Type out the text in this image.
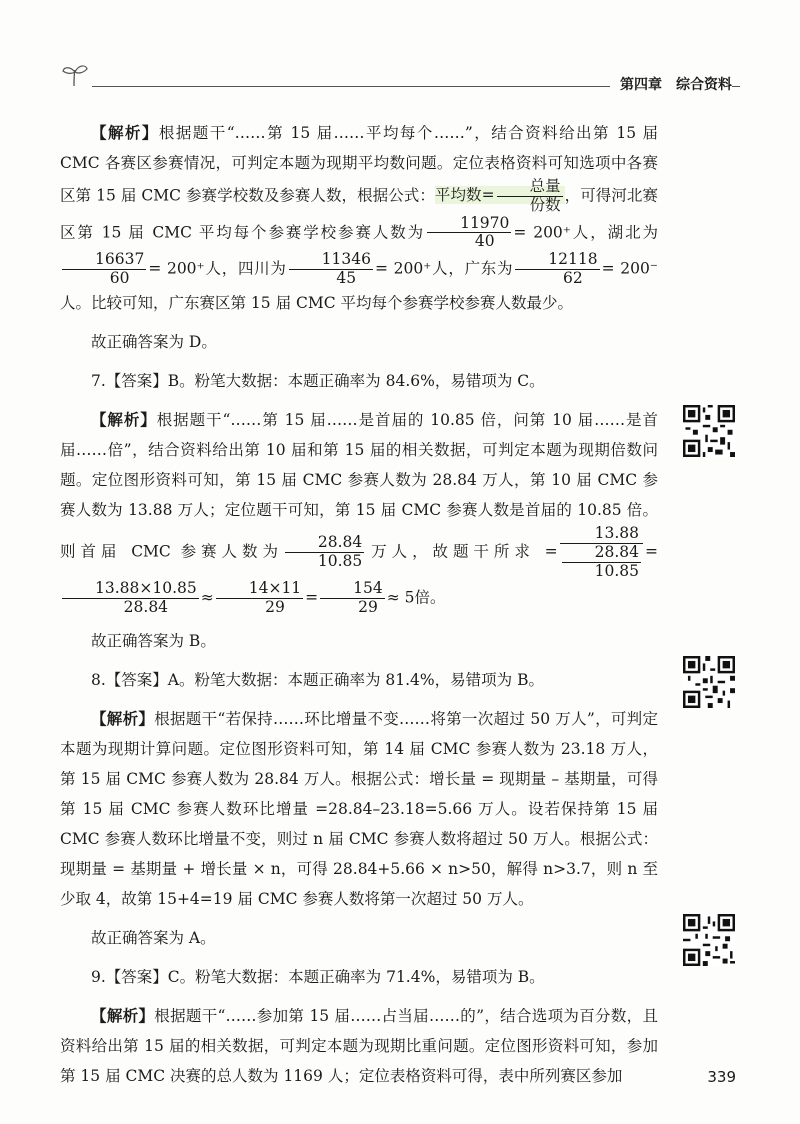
第四章 综合资料

【解析】根据题干“……第 15 届……平均每个……”，结合资料给出第 15 届 CMC 各赛区参赛情况，可判定本题为现期平均数问题。定位表格资料可知选项中各赛区第 15 届 CMC 参赛学校数及参赛人数，根据公式：平均数= $\frac{\text{总量}}{\text{份数}}$ ，可得河北赛区第 15 届 CMC 平均每个参赛学校参赛人数为 $\frac{11970}{40} = 200^+$人，湖北为
$\frac{16637}{60} = 200^+$人，四川为 $\frac{11346}{45} = 200^+$人，广东为 $\frac{12118}{62} = 200^-$人。比较可知，广东赛区第 15 届 CMC 平均每个参赛学校参赛人数最少。

故正确答案为 D。

7.【答案】B。粉笔大数据：本题正确率为 84.6%，易错项为 C。

【解析】根据题干“……第 15 届……是首届的 10.85 倍，问第 10 届……是首届……倍”，结合资料给出第 10 届和第 15 届的相关数据，可判定本题为现期倍数问题。定位图形资料可知，第 15 届 CMC 参赛人数为 28.84 万人，第 10 届 CMC 参赛人数为 13.88 万人；定位题干可知，第 15 届 CMC 参赛人数是首届的 10.85 倍。则首届 CMC 参赛人数为 $\frac{28.84}{10.85}$ 万人，故题干所求 = 13.88
28.84
10.85 =
$\frac{13.88\times 10.85}{28.84} \approx \frac{14\times 11}{29} = \frac{154}{29} \approx 5$倍。

故正确答案为 B。

8.【答案】A。粉笔大数据：本题正确率为 81.4%，易错项为 B。

【解析】根据题干“若保持……环比增量不变……将第一次超过 50 万人”，可判定本题为现期计算问题。定位图形资料可知，第 14 届 CMC 参赛人数为 23.18 万人，第 15 届 CMC 参赛人数为 28.84 万人。根据公式：增长量 = 现期量 – 基期量，可得第 15 届 CMC 参赛人数环比增量 =28.84–23.18=5.66 万人。设若保持第 15 届 CMC 参赛人数环比增量不变，则过 n 届 CMC 参赛人数将超过 50 万人。根据公式：现期量 = 基期量 + 增长量 × n，可得 28.84+5.66 × n>50，解得 n>3.7，则 n 至少取 4，故第 15+4=19 届 CMC 参赛人数将第一次超过 50 万人。

故正确答案为 A。

9.【答案】C。粉笔大数据：本题正确率为 71.4%，易错项为 B。

【解析】根据题干“……参加第 15 届……占当届……的”，结合选项为百分数，且资料给出第 15 届的相关数据，可判定本题为现期比重问题。定位图形资料可知，参加第 15 届 CMC 决赛的总人数为 1169 人；定位表格资料可得，表中所列赛区参加	339
